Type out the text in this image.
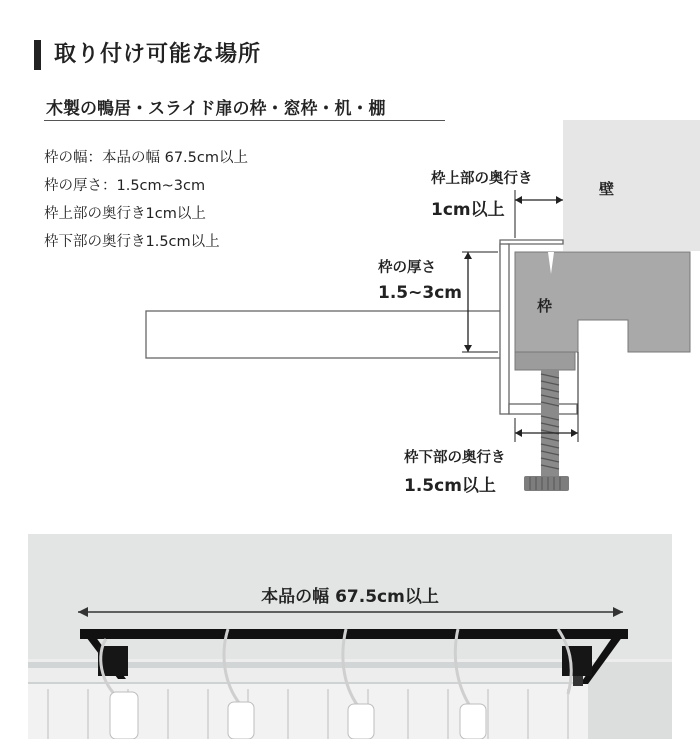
取り付け可能な場所
木製の鴨居・スライド扉の枠・窓枠・机・棚
枠の幅：本品の幅 67.5cm以上
枠の厚さ：1.5cm~3cm
枠上部の奥行き1cm以上
枠下部の奥行き1.5cm以上
壁
枠
枠上部の奥行き
1cm以上
枠の厚さ
1.5~3cm
枠下部の奥行き
1.5cm以上
本品の幅 67.5cm以上
